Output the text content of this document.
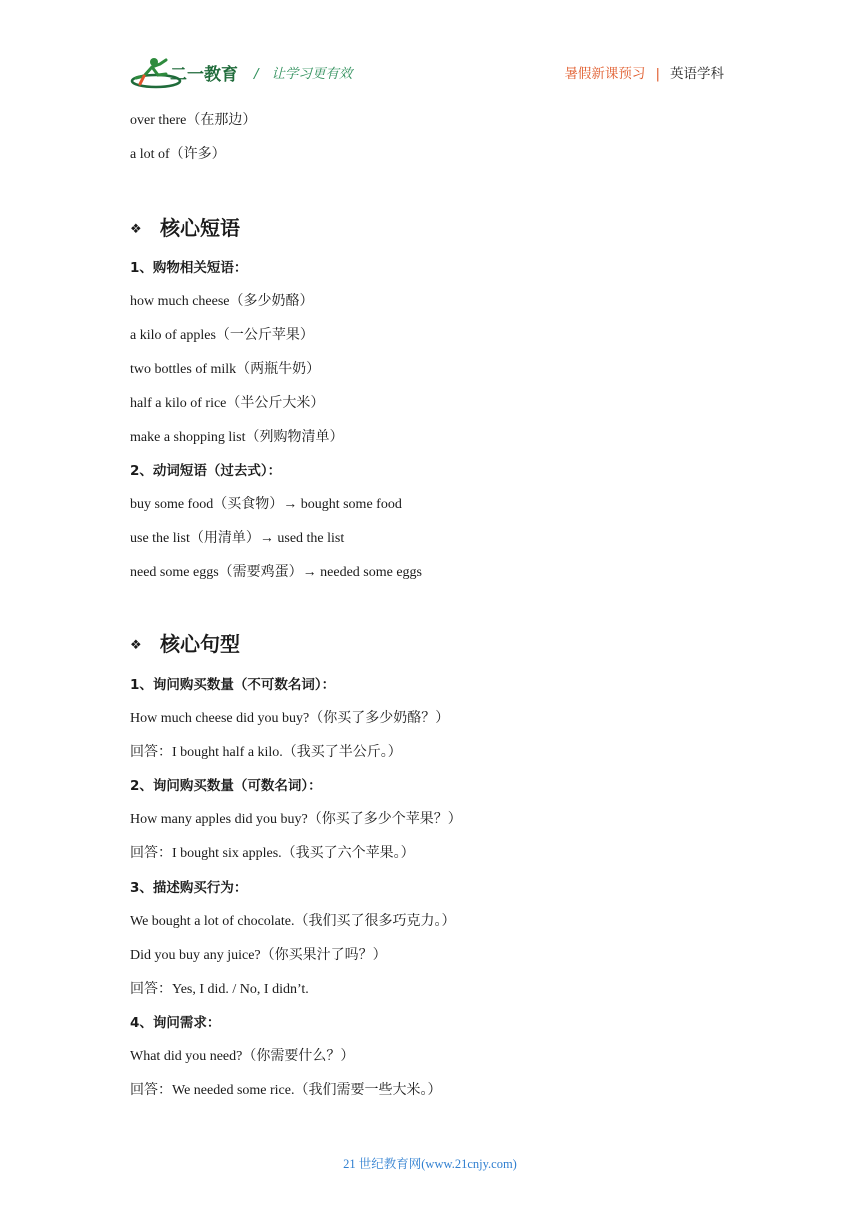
二一教育 / 让学习更有效	暑假新课预习 | 英语学科
over there（在那边）
a lot of（许多）
❖ 核心短语
1、购物相关短语：
how much cheese（多少奶酪）
a kilo of apples（一公斤苹果）
two bottles of milk（两瓶牛奶）
half a kilo of rice（半公斤大米）
make a shopping list（列购物清单）
2、动词短语（过去式）：
buy some food（买食物）→ bought some food
use the list（用清单）→ used the list
need some eggs（需要鸡蛋）→ needed some eggs
❖ 核心句型
1、询问购买数量（不可数名词）：
How much cheese did you buy?（你买了多少奶酪？）
回答：I bought half a kilo.（我买了半公斤。）
2、询问购买数量（可数名词）：
How many apples did you buy?（你买了多少个苹果？）
回答：I bought six apples.（我买了六个苹果。）
3、描述购买行为：
We bought a lot of chocolate.（我们买了很多巧克力。）
Did you buy any juice?（你买果汁了吗？）
回答：Yes, I did. / No, I didn’t.
4、询问需求：
What did you need?（你需要什么？）
回答：We needed some rice.（我们需要一些大米。）
21 世纪教育网(www.21cnjy.com)
